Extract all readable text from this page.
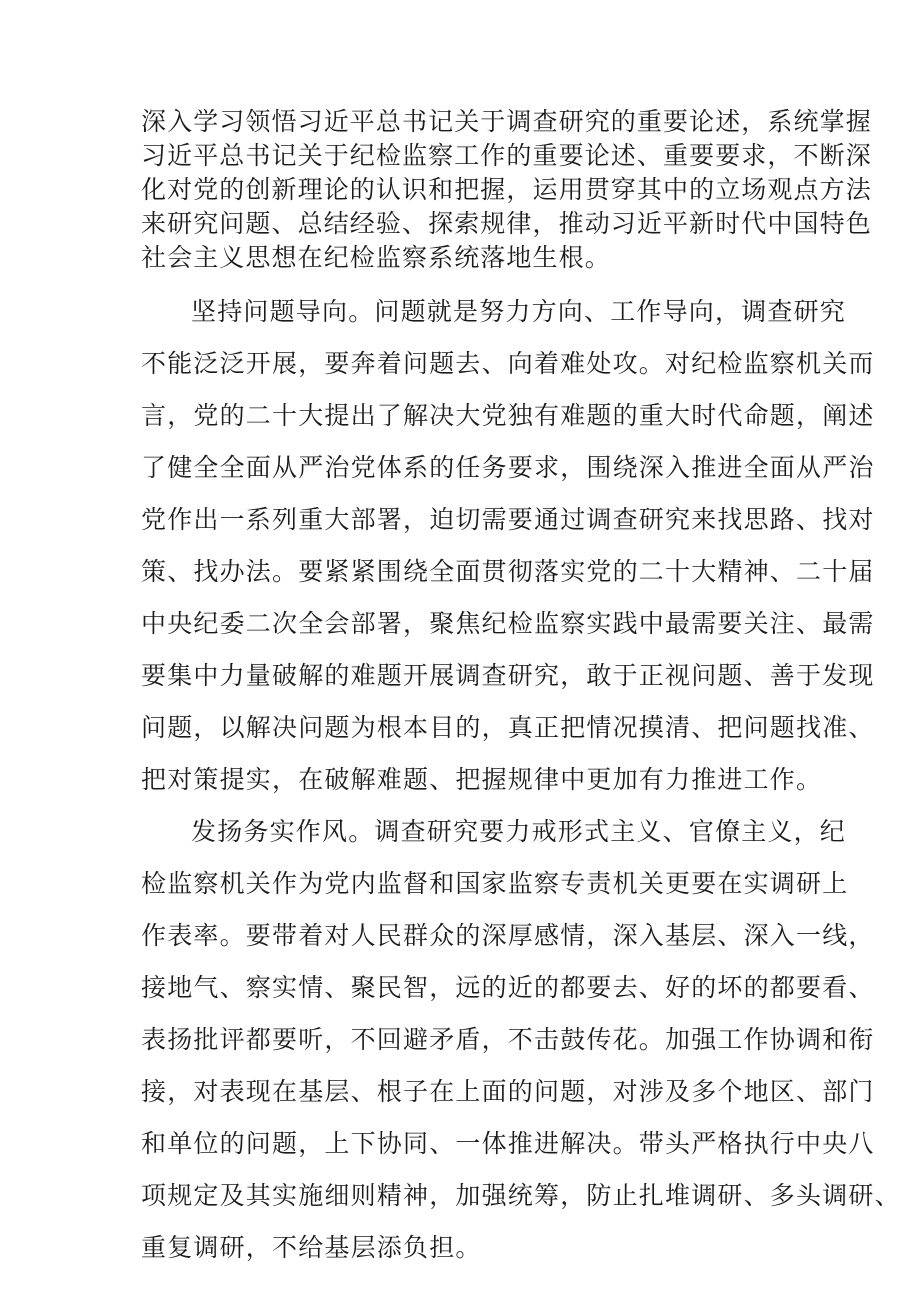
深入学习领悟习近平总书记关于调查研究的重要论述，系统掌握
习近平总书记关于纪检监察工作的重要论述、重要要求，不断深
化对党的创新理论的认识和把握，运用贯穿其中的立场观点方法
来研究问题、总结经验、探索规律，推动习近平新时代中国特色
社会主义思想在纪检监察系统落地生根。
坚持问题导向。问题就是努力方向、工作导向，调查研究
不能泛泛开展，要奔着问题去、向着难处攻。对纪检监察机关而
言，党的二十大提出了解决大党独有难题的重大时代命题，阐述
了健全全面从严治党体系的任务要求，围绕深入推进全面从严治
党作出一系列重大部署，迫切需要通过调查研究来找思路、找对
策、找办法。要紧紧围绕全面贯彻落实党的二十大精神、二十届
中央纪委二次全会部署，聚焦纪检监察实践中最需要关注、最需
要集中力量破解的难题开展调查研究，敢于正视问题、善于发现
问题，以解决问题为根本目的，真正把情况摸清、把问题找准、
把对策提实，在破解难题、把握规律中更加有力推进工作。
发扬务实作风。调查研究要力戒形式主义、官僚主义，纪
检监察机关作为党内监督和国家监察专责机关更要在实调研上
作表率。要带着对人民群众的深厚感情，深入基层、深入一线，
接地气、察实情、聚民智，远的近的都要去、好的坏的都要看、
表扬批评都要听，不回避矛盾，不击鼓传花。加强工作协调和衔
接，对表现在基层、根子在上面的问题，对涉及多个地区、部门
和单位的问题，上下协同、一体推进解决。带头严格执行中央八
项规定及其实施细则精神，加强统筹，防止扎堆调研、多头调研、
重复调研，不给基层添负担。
